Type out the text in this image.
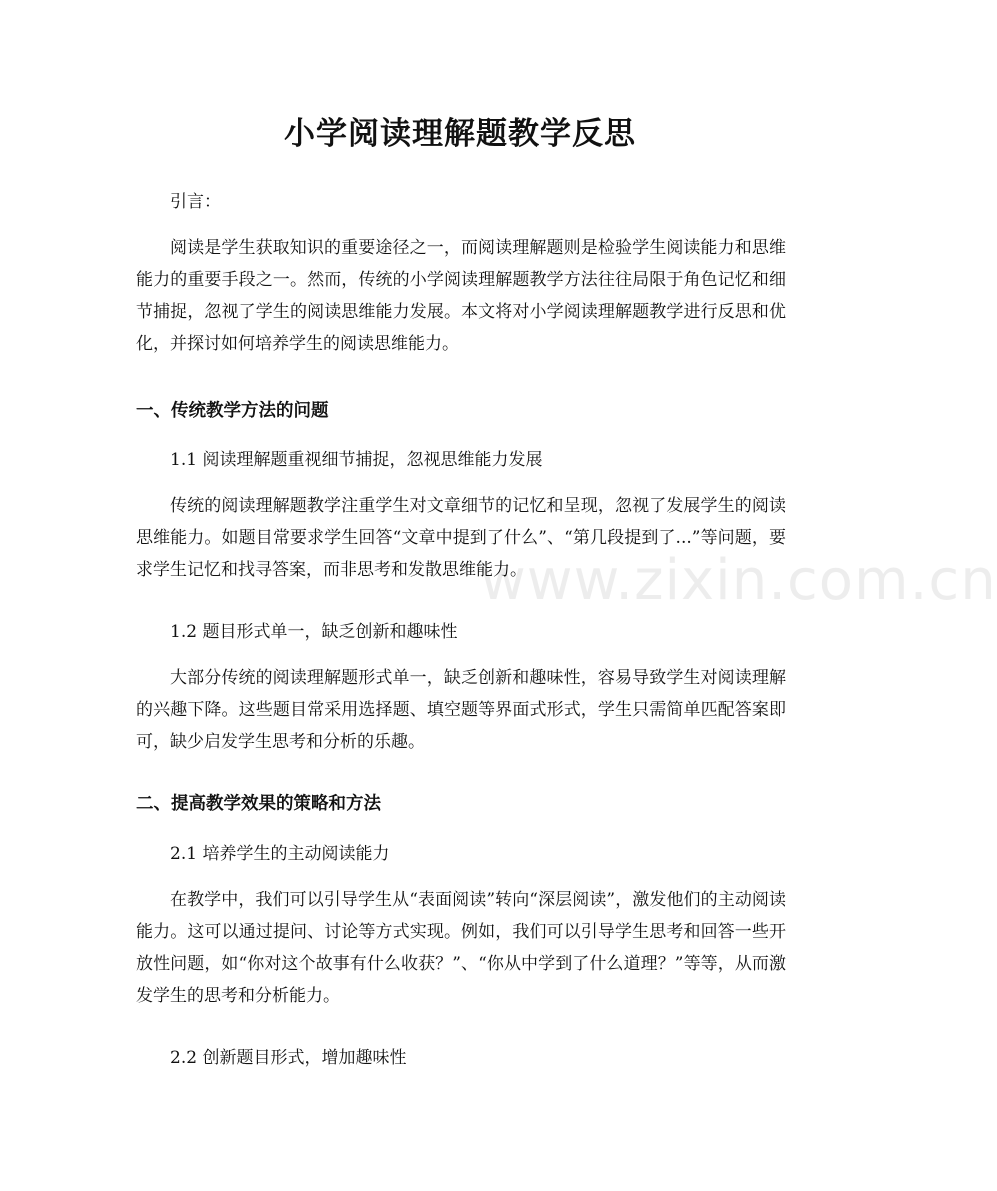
小学阅读理解题教学反思

引言：

阅读是学生获取知识的重要途径之一，而阅读理解题则是检验学生阅读能力和思维能力的重要手段之一。然而，传统的小学阅读理解题教学方法往往局限于角色记忆和细节捕捉，忽视了学生的阅读思维能力发展。本文将对小学阅读理解题教学进行反思和优化，并探讨如何培养学生的阅读思维能力。

一、传统教学方法的问题

1.1 阅读理解题重视细节捕捉，忽视思维能力发展

传统的阅读理解题教学注重学生对文章细节的记忆和呈现，忽视了发展学生的阅读思维能力。如题目常要求学生回答“文章中提到了什么”、“第几段提到了...”等问题，要求学生记忆和找寻答案，而非思考和发散思维能力。

1.2 题目形式单一，缺乏创新和趣味性

大部分传统的阅读理解题形式单一，缺乏创新和趣味性，容易导致学生对阅读理解的兴趣下降。这些题目常采用选择题、填空题等界面式形式，学生只需简单匹配答案即可，缺少启发学生思考和分析的乐趣。

二、提高教学效果的策略和方法

2.1 培养学生的主动阅读能力

在教学中，我们可以引导学生从“表面阅读”转向“深层阅读”，激发他们的主动阅读能力。这可以通过提问、讨论等方式实现。例如，我们可以引导学生思考和回答一些开放性问题，如“你对这个故事有什么收获？”、“你从中学到了什么道理？”等等，从而激发学生的思考和分析能力。

2.2 创新题目形式，增加趣味性

www.zixin.com.cn
